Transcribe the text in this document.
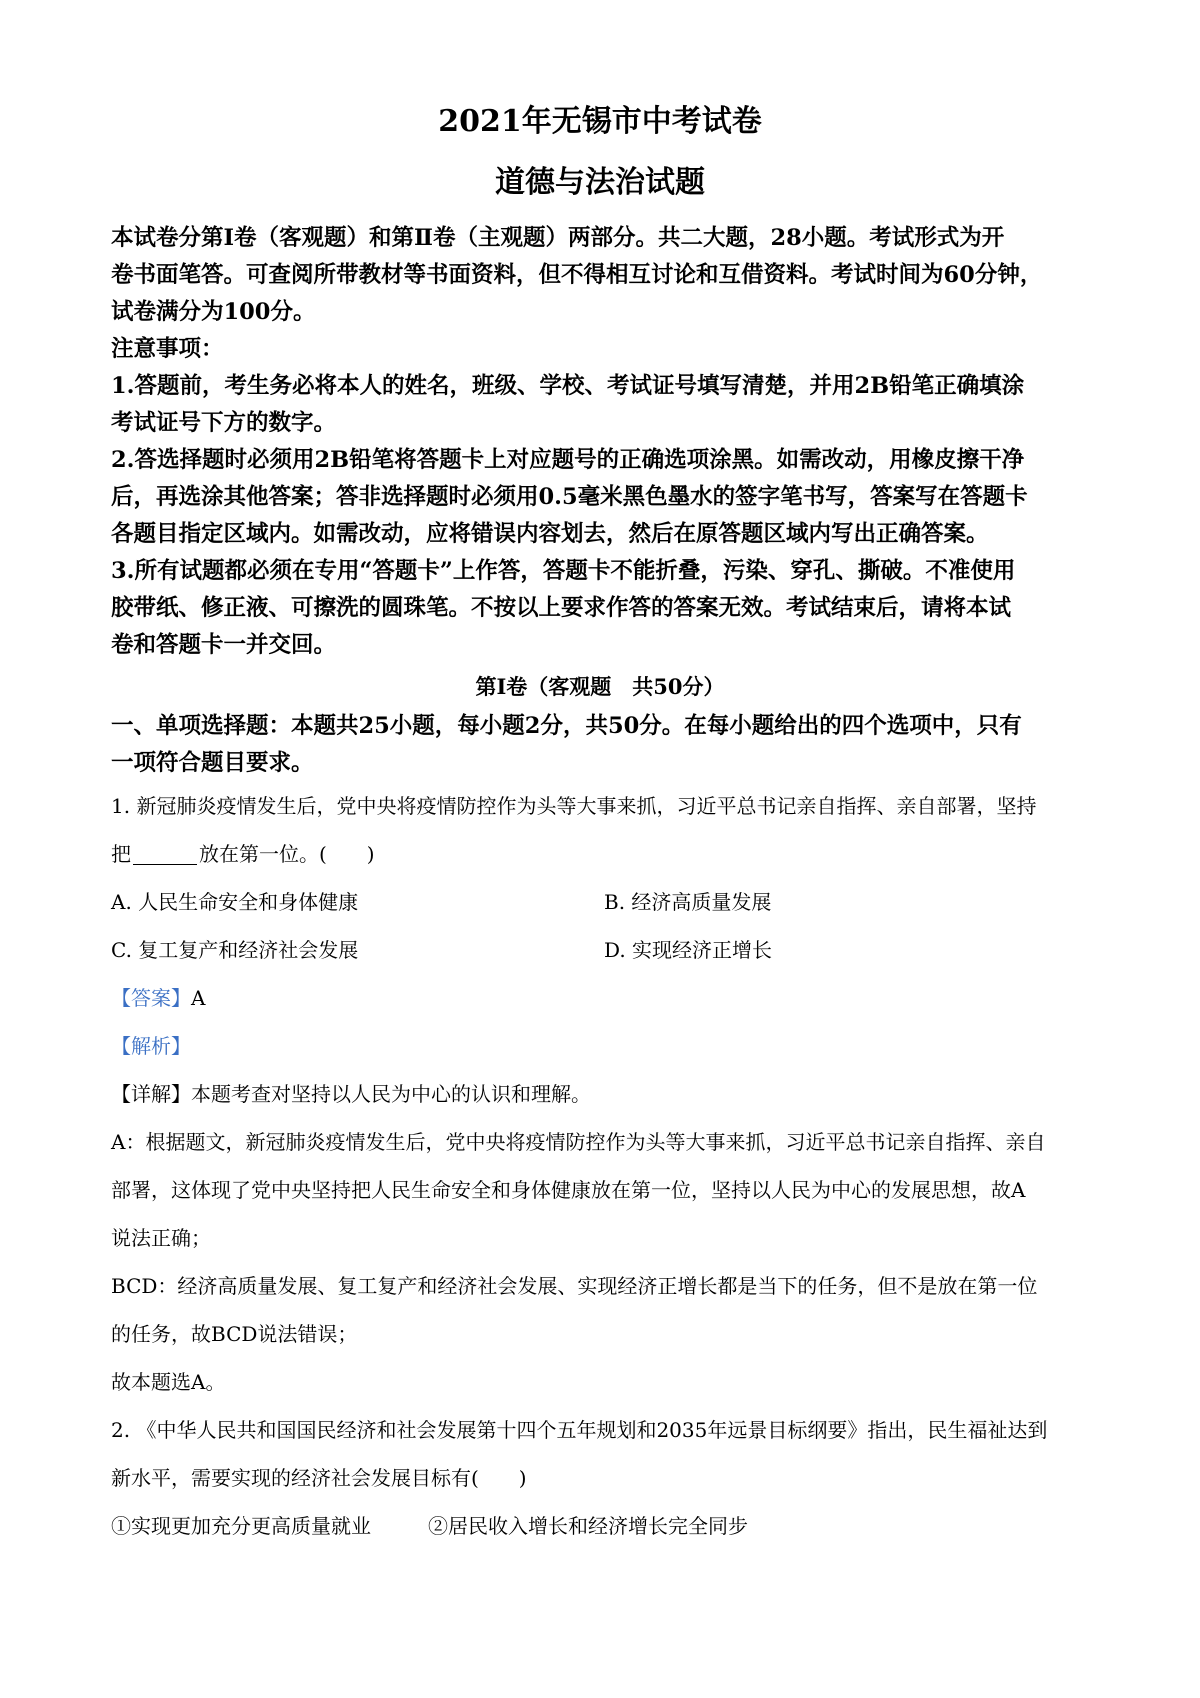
2021年无锡市中考试卷
道德与法治试题
本试卷分第Ⅰ卷（客观题）和第Ⅱ卷（主观题）两部分。共二大题，28小题。考试形式为开
卷书面笔答。可查阅所带教材等书面资料，但不得相互讨论和互借资料。考试时间为60分钟，
试卷满分为100分。
注意事项：
1.答题前，考生务必将本人的姓名，班级、学校、考试证号填写清楚，并用2B铅笔正确填涂
考试证号下方的数字。
2.答选择题时必须用2B铅笔将答题卡上对应题号的正确选项涂黑。如需改动，用橡皮擦干净
后，再选涂其他答案；答非选择题时必须用0.5毫米黑色墨水的签字笔书写，答案写在答题卡
各题目指定区域内。如需改动，应将错误内容划去，然后在原答题区域内写出正确答案。
3.所有试题都必须在专用“答题卡”上作答，答题卡不能折叠，污染、穿孔、撕破。不准使用
胶带纸、修正液、可擦洗的圆珠笔。不按以上要求作答的答案无效。考试结束后，请将本试
卷和答题卡一并交回。
第Ⅰ卷（客观题　共50分）
一、单项选择题：本题共25小题，每小题2分，共50分。在每小题给出的四个选项中，只有
一项符合题目要求。
1. 新冠肺炎疫情发生后，党中央将疫情防控作为头等大事来抓，习近平总书记亲自指挥、亲自部署，坚持
把	放在第一位。(　　)
A. 人民生命安全和身体健康	B. 经济高质量发展
C. 复工复产和经济社会发展	D. 实现经济正增长
【答案】A
【解析】
【详解】本题考查对坚持以人民为中心的认识和理解。
A：根据题文，新冠肺炎疫情发生后，党中央将疫情防控作为头等大事来抓，习近平总书记亲自指挥、亲自
部署，这体现了党中央坚持把人民生命安全和身体健康放在第一位，坚持以人民为中心的发展思想，故A
说法正确；
BCD：经济高质量发展、复工复产和经济社会发展、实现经济正增长都是当下的任务，但不是放在第一位
的任务，故BCD说法错误；
故本题选A。
2. 《中华人民共和国国民经济和社会发展第十四个五年规划和2035年远景目标纲要》指出，民生福祉达到
新水平，需要实现的经济社会发展目标有(　　)
①实现更加充分更高质量就业	②居民收入增长和经济增长完全同步
